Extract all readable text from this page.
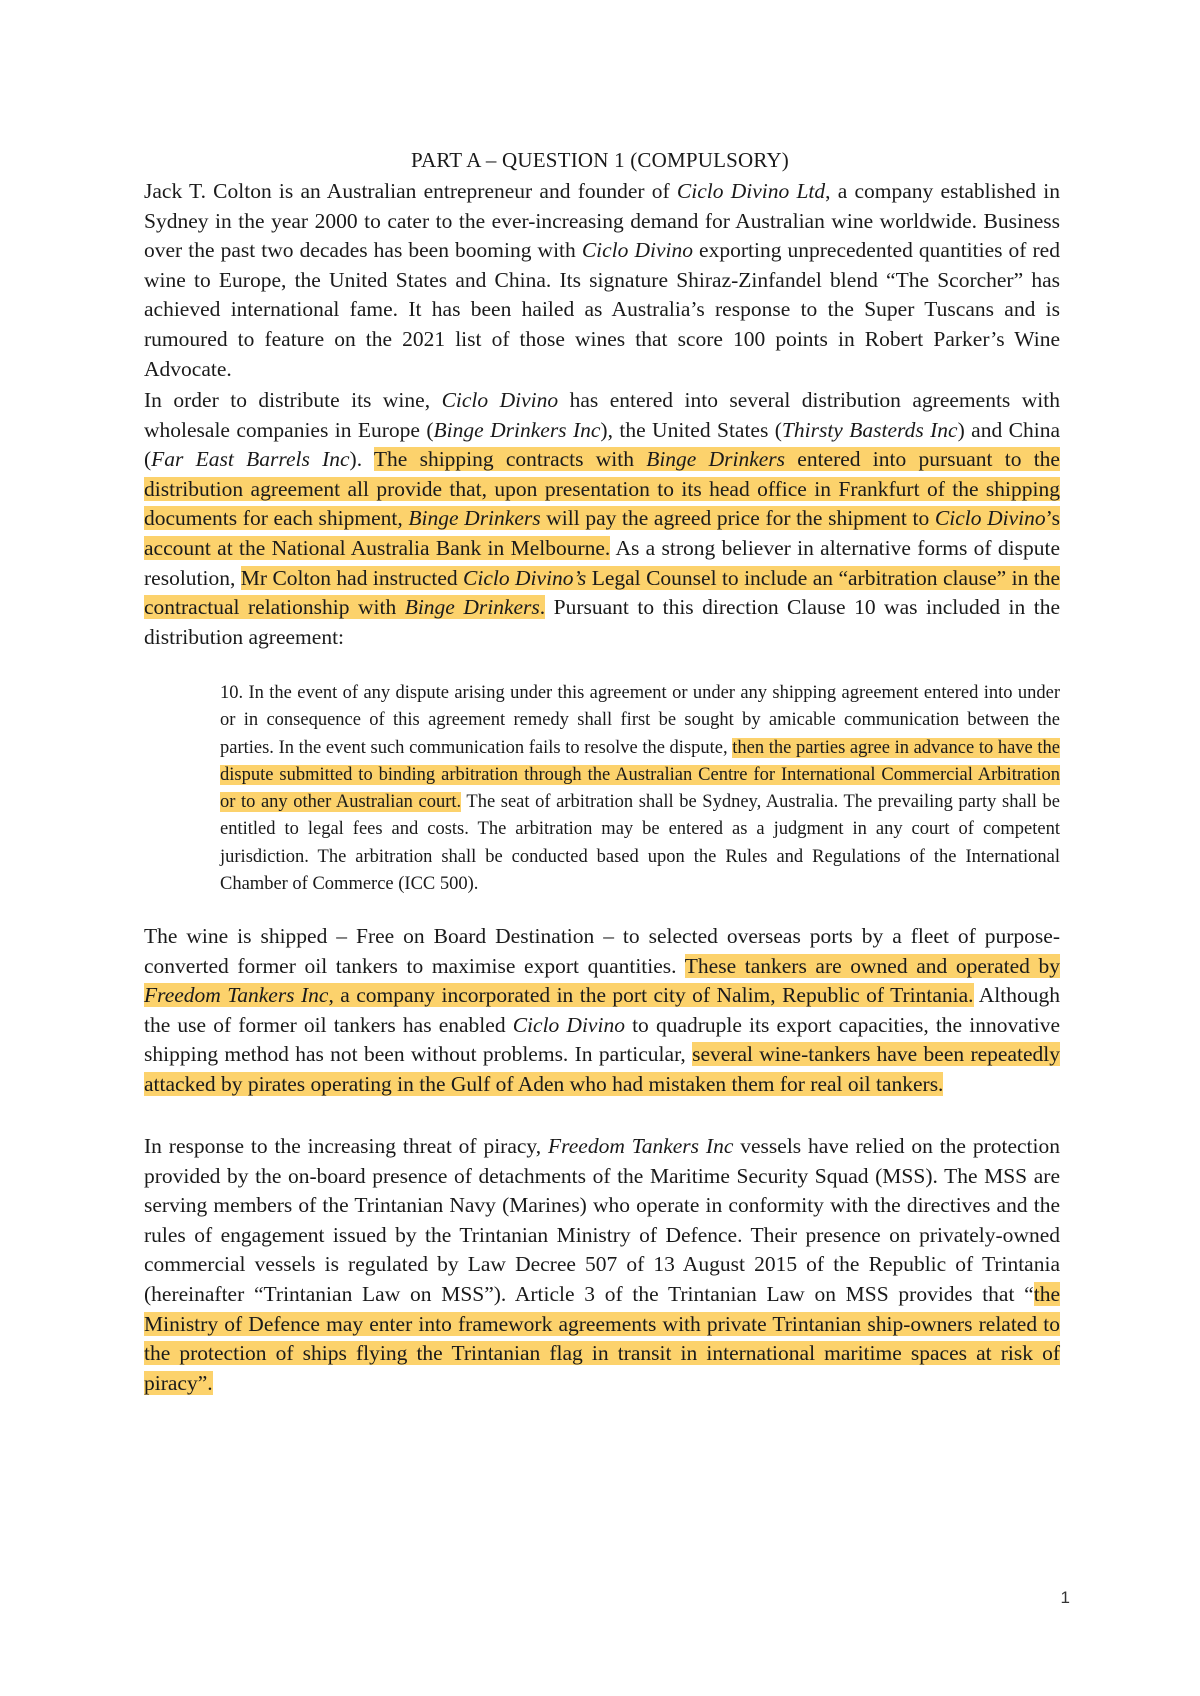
PART A – QUESTION 1 (COMPULSORY)

Jack T. Colton is an Australian entrepreneur and founder of Ciclo Divino Ltd, a company established in Sydney in the year 2000 to cater to the ever-increasing demand for Australian wine worldwide. Business over the past two decades has been booming with Ciclo Divino exporting unprecedented quantities of red wine to Europe, the United States and China. Its signature Shiraz-Zinfandel blend “The Scorcher” has achieved international fame. It has been hailed as Australia’s response to the Super Tuscans and is rumoured to feature on the 2021 list of those wines that score 100 points in Robert Parker’s Wine Advocate.

In order to distribute its wine, Ciclo Divino has entered into several distribution agreements with wholesale companies in Europe (Binge Drinkers Inc), the United States (Thirsty Basterds Inc) and China (Far East Barrels Inc). The shipping contracts with Binge Drinkers entered into pursuant to the distribution agreement all provide that, upon presentation to its head office in Frankfurt of the shipping documents for each shipment, Binge Drinkers will pay the agreed price for the shipment to Ciclo Divino’s account at the National Australia Bank in Melbourne. As a strong believer in alternative forms of dispute resolution, Mr Colton had instructed Ciclo Divino’s Legal Counsel to include an “arbitration clause” in the contractual relationship with Binge Drinkers. Pursuant to this direction Clause 10 was included in the distribution agreement:

10. In the event of any dispute arising under this agreement or under any shipping agreement entered into under or in consequence of this agreement remedy shall first be sought by amicable communication between the parties. In the event such communication fails to resolve the dispute, then the parties agree in advance to have the dispute submitted to binding arbitration through the Australian Centre for International Commercial Arbitration or to any other Australian court. The seat of arbitration shall be Sydney, Australia. The prevailing party shall be entitled to legal fees and costs. The arbitration may be entered as a judgment in any court of competent jurisdiction. The arbitration shall be conducted based upon the Rules and Regulations of the International Chamber of Commerce (ICC 500).

The wine is shipped – Free on Board Destination – to selected overseas ports by a fleet of purpose-converted former oil tankers to maximise export quantities. These tankers are owned and operated by Freedom Tankers Inc, a company incorporated in the port city of Nalim, Republic of Trintania. Although the use of former oil tankers has enabled Ciclo Divino to quadruple its export capacities, the innovative shipping method has not been without problems. In particular, several wine-tankers have been repeatedly attacked by pirates operating in the Gulf of Aden who had mistaken them for real oil tankers.

In response to the increasing threat of piracy, Freedom Tankers Inc vessels have relied on the protection provided by the on-board presence of detachments of the Maritime Security Squad (MSS). The MSS are serving members of the Trintanian Navy (Marines) who operate in conformity with the directives and the rules of engagement issued by the Trintanian Ministry of Defence. Their presence on privately-owned commercial vessels is regulated by Law Decree 507 of 13 August 2015 of the Republic of Trintania (hereinafter “Trintanian Law on MSS”). Article 3 of the Trintanian Law on MSS provides that “the Ministry of Defence may enter into framework agreements with private Trintanian ship-owners related to the protection of ships flying the Trintanian flag in transit in international maritime spaces at risk of piracy”.

1
